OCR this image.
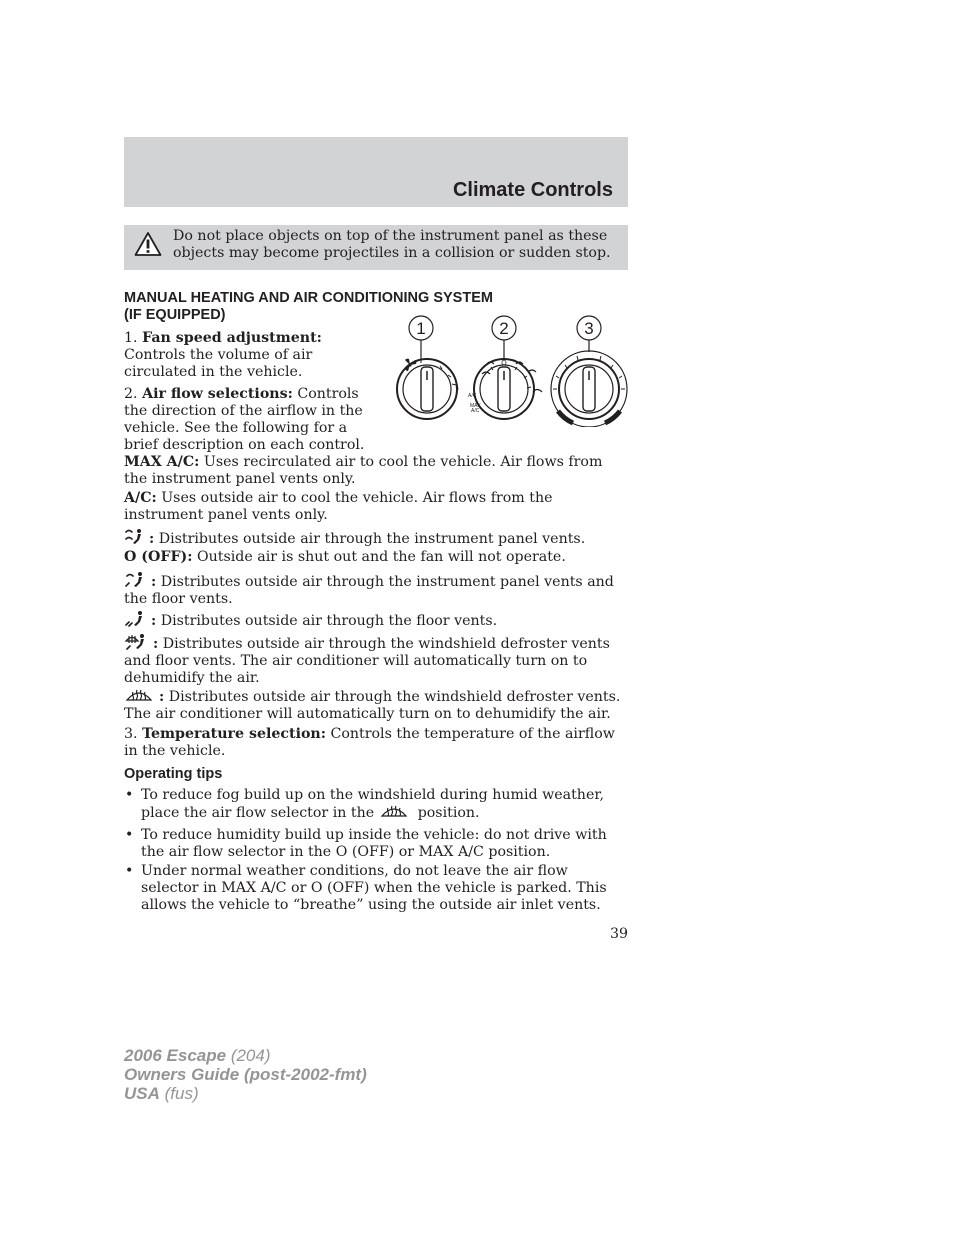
Climate Controls
Do not place objects on top of the instrument panel as these objects may become projectiles in a collision or sudden stop.
MANUAL HEATING AND AIR CONDITIONING SYSTEM
(IF EQUIPPED)
1	2	3
O
A/C
MAX
A/C
1. Fan speed adjustment: Controls the volume of air circulated in the vehicle.
2. Air flow selections: Controls the direction of the airflow in the vehicle. See the following for a brief description on each control.
MAX A/C: Uses recirculated air to cool the vehicle. Air flows from the instrument panel vents only.
A/C: Uses outside air to cool the vehicle. Air flows from the instrument panel vents only.
: Distributes outside air through the instrument panel vents.
O (OFF): Outside air is shut out and the fan will not operate.
: Distributes outside air through the instrument panel vents and the floor vents.
: Distributes outside air through the floor vents.
: Distributes outside air through the windshield defroster vents and floor vents. The air conditioner will automatically turn on to dehumidify the air.
: Distributes outside air through the windshield defroster vents. The air conditioner will automatically turn on to dehumidify the air.
3. Temperature selection: Controls the temperature of the airflow in the vehicle.
Operating tips
• To reduce fog build up on the windshield during humid weather, place the air flow selector in the	position.
• To reduce humidity build up inside the vehicle: do not drive with the air flow selector in the O (OFF) or MAX A/C position.
• Under normal weather conditions, do not leave the air flow selector in MAX A/C or O (OFF) when the vehicle is parked. This allows the vehicle to “breathe” using the outside air inlet vents.
39
2006 Escape (204)
Owners Guide (post-2002-fmt)
USA (fus)
